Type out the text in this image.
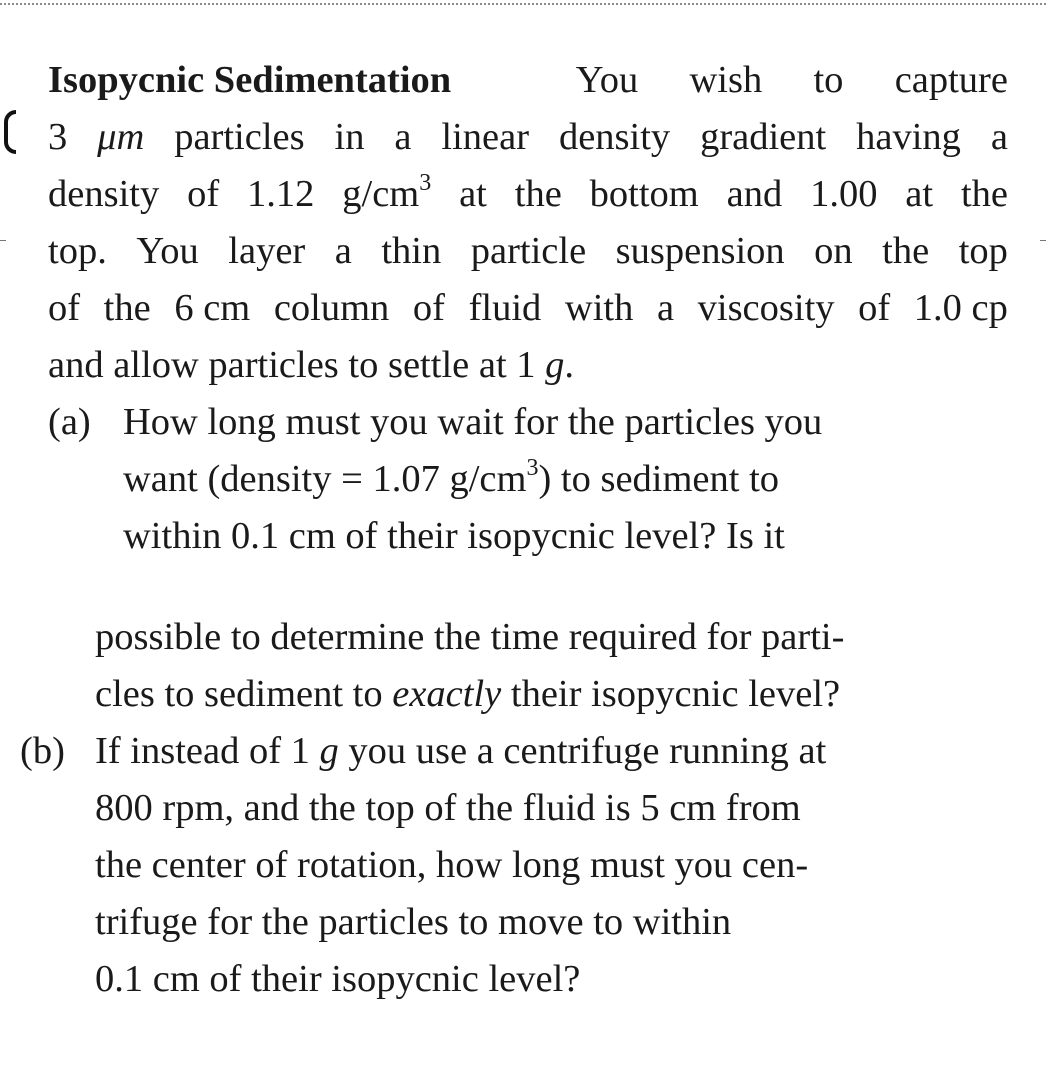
Isopycnic Sedimentation	You wish to capture
3 μm particles in a linear density gradient having a
density of 1.12 $g/cm^3$ at the bottom and 1.00 at the
top. You layer a thin particle suspension on the top
of the 6 cm column of fluid with a viscosity of 1.0 cp
and allow particles to settle at 1 g.
(a) How long must you wait for the particles you
want (density = 1.07 $g/cm^3$) to sediment to
within 0.1 cm of their isopycnic level? Is it
possible to determine the time required for parti-
cles to sediment to exactly their isopycnic level?
(b) If instead of 1 g you use a centrifuge running at
800 rpm, and the top of the fluid is 5 cm from
the center of rotation, how long must you cen-
trifuge for the particles to move to within
0.1 cm of their isopycnic level?
